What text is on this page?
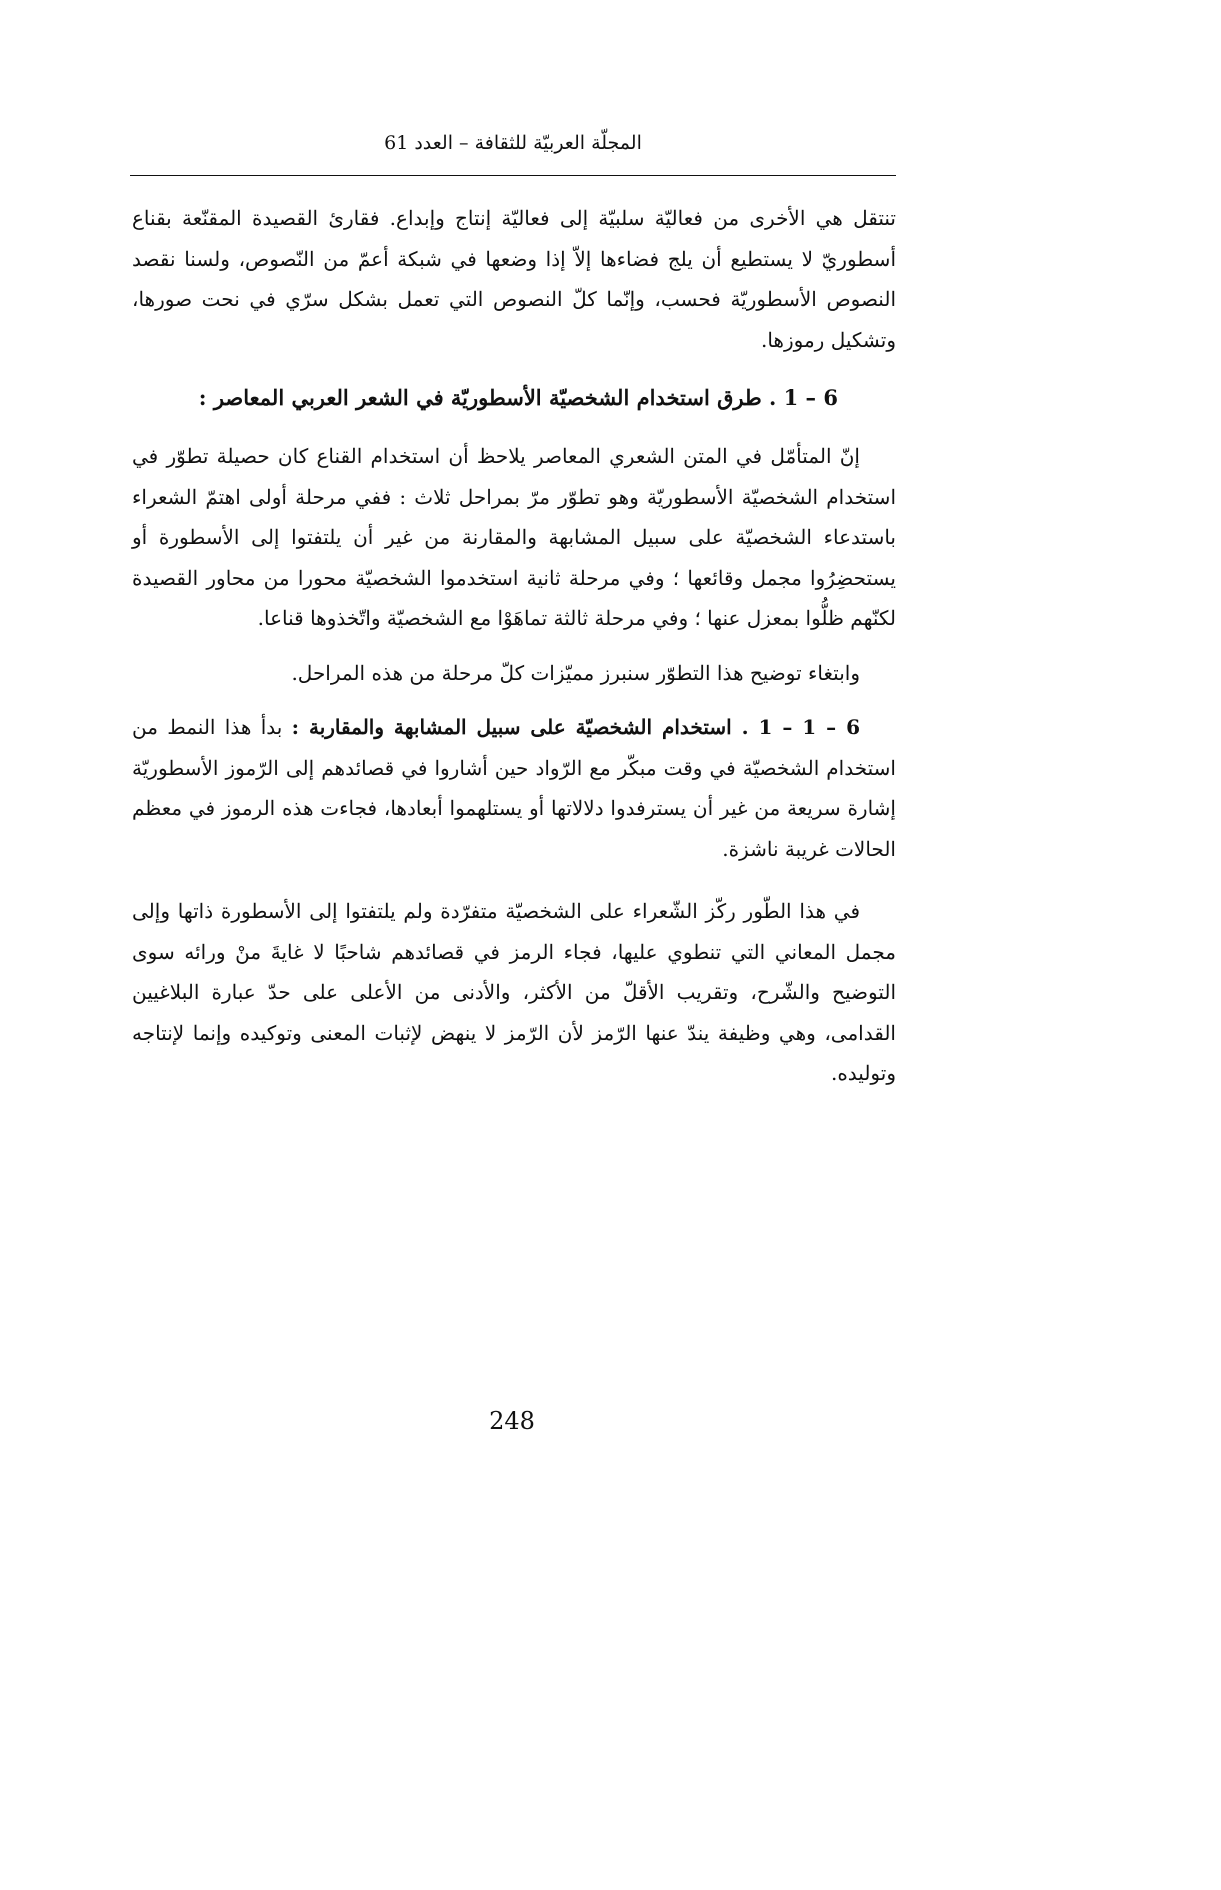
المجلّة العربيّة للثقافة – العدد 61

تنتقل هي الأخرى من فعاليّة سلبيّة إلى فعاليّة إنتاج وإبداع. فقارئ القصيدة المقنّعة بقناع أسطوريّ لا يستطيع أن يلج فضاءها إلاّ إذا وضعها في شبكة أعمّ من النّصوص، ولسنا نقصد النصوص الأسطوريّة فحسب، وإنّما كلّ النصوص التي تعمل بشكل سرّي في نحت صورها، وتشكيل رموزها.

6 – 1 . طرق استخدام الشخصيّة الأسطوريّة في الشعر العربي المعاصر :

إنّ المتأمّل في المتن الشعري المعاصر يلاحظ أن استخدام القناع كان حصيلة تطوّر في استخدام الشخصيّة الأسطوريّة وهو تطوّر مرّ بمراحل ثلاث : ففي مرحلة أولى اهتمّ الشعراء باستدعاء الشخصيّة على سبيل المشابهة والمقارنة من غير أن يلتفتوا إلى الأسطورة أو يستحضِرُوا مجمل وقائعها ؛ وفي مرحلة ثانية استخدموا الشخصيّة محورا من محاور القصيدة لكنّهم ظلُّوا بمعزل عنها ؛ وفي مرحلة ثالثة تماهَوْا مع الشخصيّة واتّخذوها قناعا.

وابتغاء توضيح هذا التطوّر سنبرز مميّزات كلّ مرحلة من هذه المراحل.

6 – 1 – 1 . استخدام الشخصيّة على سبيل المشابهة والمقاربة : بدأ هذا النمط من استخدام الشخصيّة في وقت مبكّر مع الرّواد حين أشاروا في قصائدهم إلى الرّموز الأسطوريّة إشارة سريعة من غير أن يسترفدوا دلالاتها أو يستلهموا أبعادها، فجاءت هذه الرموز في معظم الحالات غريبة ناشزة.

في هذا الطّور ركّز الشّعراء على الشخصيّة متفرّدة ولم يلتفتوا إلى الأسطورة ذاتها وإلى مجمل المعاني التي تنطوي عليها، فجاء الرمز في قصائدهم شاحبًا لا غايةَ منْ ورائه سوى التوضيح والشّرح، وتقريب الأقلّ من الأكثر، والأدنى من الأعلى على حدّ عبارة البلاغيين القدامى، وهي وظيفة يندّ عنها الرّمز لأن الرّمز لا ينهض لإثبات المعنى وتوكيده وإنما لإنتاجه وتوليده.

248
